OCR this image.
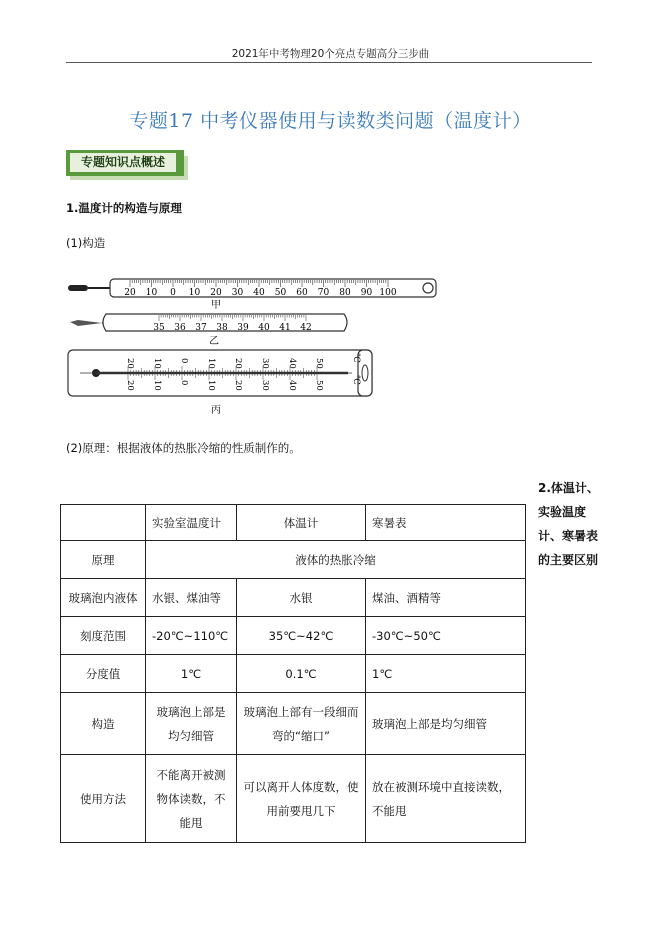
2021年中考物理20个亮点专题高分三步曲
专题17 中考仪器使用与读数类问题（温度计）
专题知识点概述
1.温度计的构造与原理
(1)构造
20 10 0 10 20 30 40 50 60 70 80 90 100
甲
35 36 37 38 39 40 41 42
乙
20 10 0 10 20 30 40 50	℃
20 10 0 10 20 30 40 50	℃
丙
(2)原理：根据液体的热胀冷缩的性质制作的。
2.体温计、实验温度计、寒暑表的主要区别
	实验室温度计	体温计	寒暑表
原理	液体的热胀冷缩		
玻璃泡内液体	水银、煤油等	水银	煤油、酒精等
刻度范围	-20℃~110℃	35℃~42℃	-30℃~50℃
分度值	1℃	0.1℃	1℃
构造	玻璃泡上部是均匀细管	玻璃泡上部有一段细而弯的“缩口”	玻璃泡上部是均匀细管
使用方法	不能离开被测物体读数，不能甩	可以离开人体度数，使用前要甩几下	放在被测环境中直接读数，不能甩
